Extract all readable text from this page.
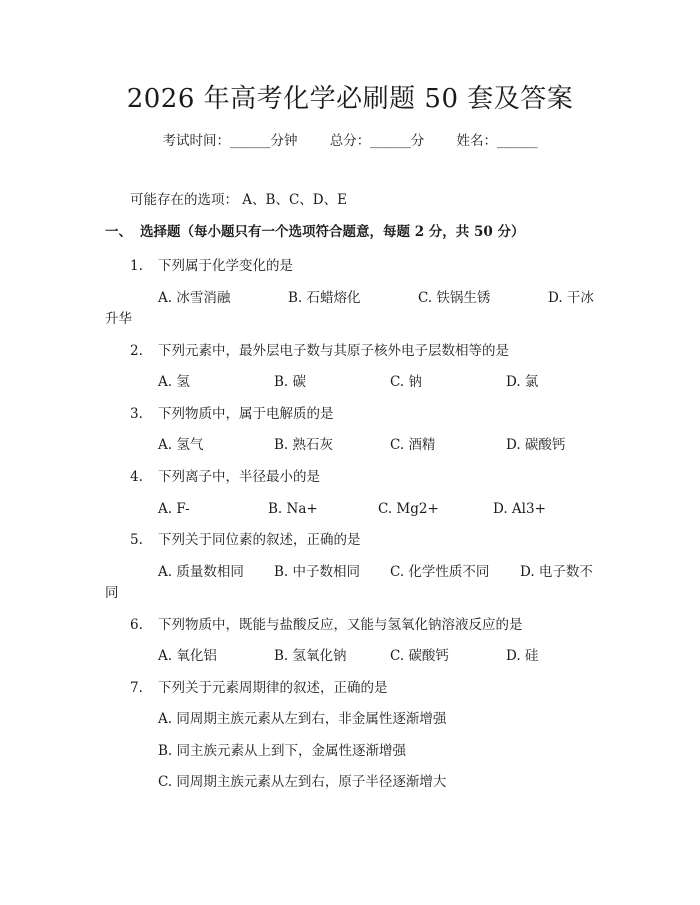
2026 年高考化学必刷题 50 套及答案
考试时间：______分钟 总分：______分 姓名：______
可能存在的选项： A、B、C、D、E
一、 选择题（每小题只有一个选项符合题意，每题 2 分，共 50 分）
1. 下列属于化学变化的是
A. 冰雪消融	B. 石蜡熔化	C. 铁锅生锈	D. 干冰
升华
2. 下列元素中，最外层电子数与其原子核外电子层数相等的是
A. 氢	B. 碳	C. 钠	D. 氯
3. 下列物质中，属于电解质的是
A. 氢气	B. 熟石灰	C. 酒精	D. 碳酸钙
4. 下列离子中，半径最小的是
A. F-	B. Na+	C. Mg2+	D. Al3+
5. 下列关于同位素的叙述，正确的是
A. 质量数相同 B. 中子数相同 C. 化学性质不同 D. 电子数不
同
6. 下列物质中，既能与盐酸反应，又能与氢氧化钠溶液反应的是
A. 氧化铝	B. 氢氧化钠	C. 碳酸钙	D. 硅
7. 下列关于元素周期律的叙述，正确的是
A. 同周期主族元素从左到右，非金属性逐渐增强
B. 同主族元素从上到下，金属性逐渐增强
C. 同周期主族元素从左到右，原子半径逐渐增大
